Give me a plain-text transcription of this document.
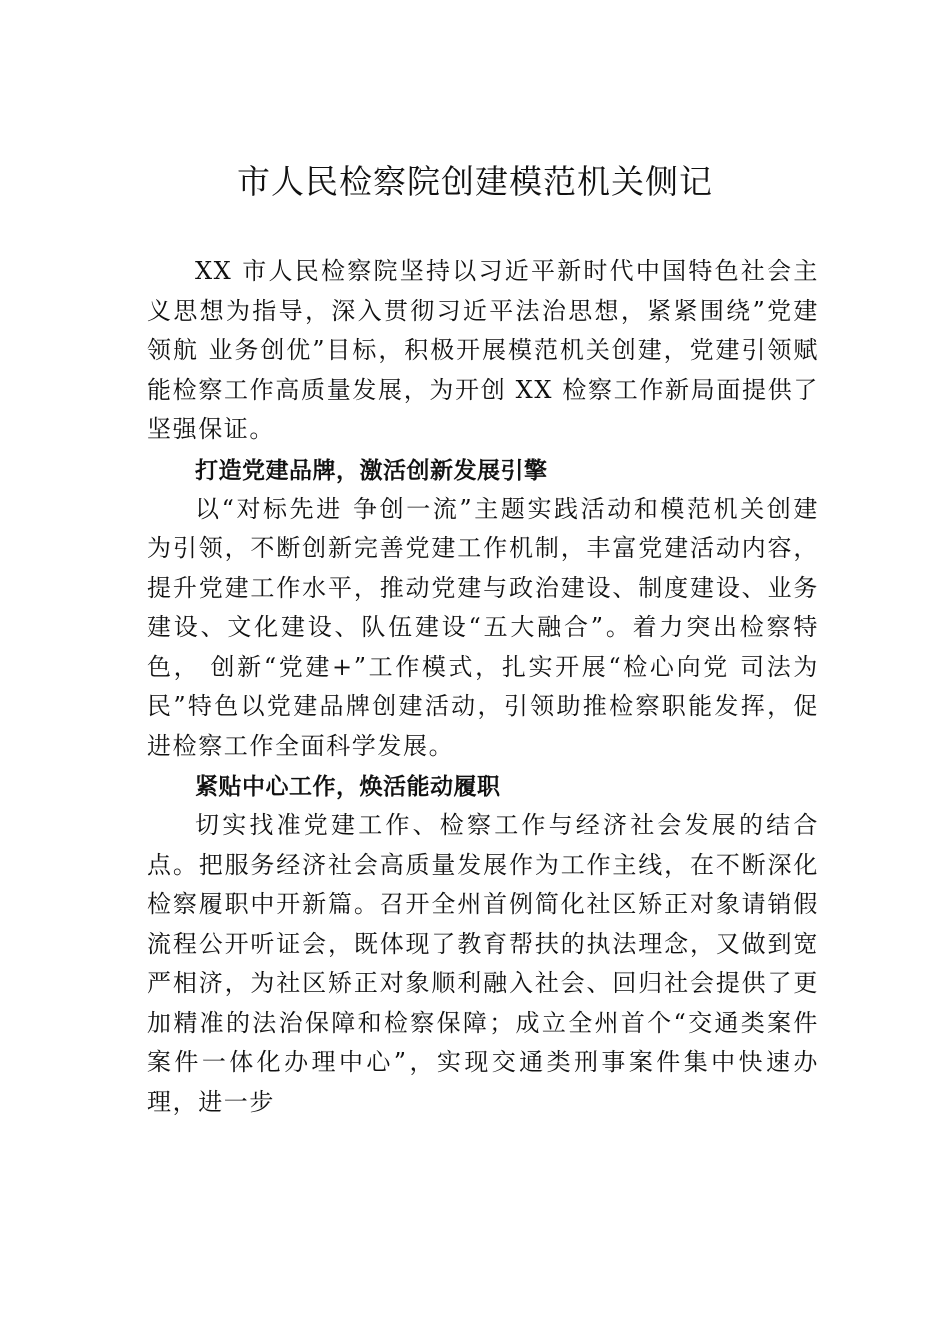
市人民检察院创建模范机关侧记

XX 市人民检察院坚持以习近平新时代中国特色社会主义思想为指导，深入贯彻习近平法治思想，紧紧围绕”党建领航 业务创优”目标，积极开展模范机关创建，党建引领赋能检察工作高质量发展，为开创 XX 检察工作新局面提供了坚强保证。

打造党建品牌，激活创新发展引擎

以“对标先进 争创一流”主题实践活动和模范机关创建为引领，不断创新完善党建工作机制，丰富党建活动内容， 提升党建工作水平，推动党建与政治建设、制度建设、业务建设、文化建设、队伍建设“五大融合”。着力突出检察特色， 创新“党建+”工作模式，扎实开展“检心向党 司法为民”特色以党建品牌创建活动，引领助推检察职能发挥，促进检察工作全面科学发展。

紧贴中心工作，焕活能动履职

切实找准党建工作、检察工作与经济社会发展的结合点。把服务经济社会高质量发展作为工作主线，在不断深化检察履职中开新篇。召开全州首例简化社区矫正对象请销假流程公开听证会，既体现了教育帮扶的执法理念，又做到宽严相济，为社区矫正对象顺利融入社会、回归社会提供了更加精准的法治保障和检察保障；成立全州首个“交通类案件案件一体化办理中心”，实现交通类刑事案件集中快速办理，进一步
